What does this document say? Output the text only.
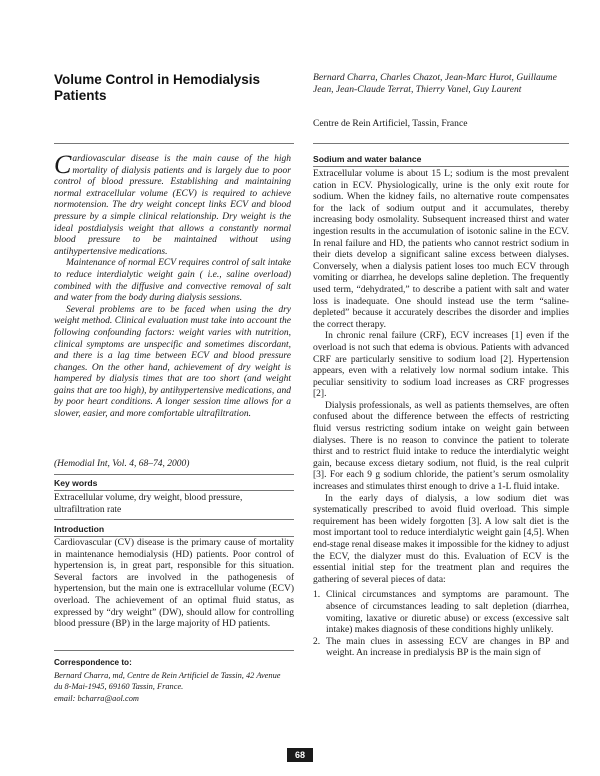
Volume Control in Hemodialysis Patients
Bernard Charra, Charles Chazot, Jean-Marc Hurot, Guillaume Jean, Jean-Claude Terrat, Thierry Vanel, Guy Laurent
Centre de Rein Artificiel, Tassin, France

Cardiovascular disease is the main cause of the high mortality of dialysis patients and is largely due to poor control of blood pressure. Establishing and maintaining normal extracellular volume (ECV) is required to achieve normotension. The dry weight concept links ECV and blood pressure by a simple clinical relationship. Dry weight is the ideal postdialysis weight that allows a constantly normal blood pressure to be maintained without using antihypertensive medications.

Maintenance of normal ECV requires control of salt intake to reduce interdialytic weight gain ( i.e., saline overload) combined with the diffusive and convective removal of salt and water from the body during dialysis sessions.

Several problems are to be faced when using the dry weight method. Clinical evaluation must take into account the following confounding factors: weight varies with nutrition, clinical symptoms are unspecific and sometimes discordant, and there is a lag time between ECV and blood pressure changes. On the other hand, achievement of dry weight is hampered by dialysis times that are too short (and weight gains that are too high), by antihypertensive medications, and by poor heart conditions. A longer session time allows for a slower, easier, and more comfortable ultrafiltration.

(Hemodial Int, Vol. 4, 68–74, 2000)
Key words
Extracellular volume, dry weight, blood pressure, ultrafiltration rate
Introduction
Cardiovascular (CV) disease is the primary cause of mortality in maintenance hemodialysis (HD) patients. Poor control of hypertension is, in great part, responsible for this situation. Several factors are involved in the pathogenesis of hypertension, but the main one is extracellular volume (ECV) overload. The achievement of an optimal fluid status, as expressed by “dry weight” (DW), should allow for controlling blood pressure (BP) in the large majority of HD patients.
Correspondence to:
Bernard Charra, md, Centre de Rein Artificiel de Tassin, 42 Avenue
du 8-Mai-1945, 69160 Tassin, France.
email: bcharra@aol.com
Sodium and water balance

Extracellular volume is about 15 L; sodium is the most prevalent cation in ECV. Physiologically, urine is the only exit route for sodium. When the kidney fails, no alternative route compensates for the lack of sodium output and it accumulates, thereby increasing body osmolality. Subsequent increased thirst and water ingestion results in the accumulation of isotonic saline in the ECV. In renal failure and HD, the patients who cannot restrict sodium in their diets develop a significant saline excess between dialyses. Conversely, when a dialysis patient loses too much ECV through vomiting or diarrhea, he develops saline depletion. The frequently used term, “dehydrated,” to describe a patient with salt and water loss is inadequate. One should instead use the term “saline-depleted” because it accurately describes the disorder and implies the correct therapy.

In chronic renal failure (CRF), ECV increases [1] even if the overload is not such that edema is obvious. Patients with advanced CRF are particularly sensitive to sodium load [2]. Hypertension appears, even with a relatively low normal sodium intake. This peculiar sensitivity to sodium load increases as CRF progresses [2].

Dialysis professionals, as well as patients themselves, are often confused about the difference between the effects of restricting fluid versus restricting sodium intake on weight gain between dialyses. There is no reason to convince the patient to tolerate thirst and to restrict fluid intake to reduce the interdialytic weight gain, because excess dietary sodium, not fluid, is the real culprit [3]. For each 9 g sodium chloride, the patient’s serum osmolality increases and stimulates thirst enough to drive a 1-L fluid intake.

In the early days of dialysis, a low sodium diet was systematically prescribed to avoid fluid overload. This simple requirement has been widely forgotten [3]. A low salt diet is the most important tool to reduce interdialytic weight gain [4,5]. When end-stage renal disease makes it impossible for the kidney to adjust the ECV, the dialyzer must do this. Evaluation of ECV is the essential initial step for the treatment plan and requires the gathering of several pieces of data:

1. Clinical circumstances and symptoms are paramount. The absence of circumstances leading to salt depletion (diarrhea, vomiting, laxative or diuretic abuse) or excess (excessive salt intake) makes diagnosis of these conditions highly unlikely.
2. The main clues in assessing ECV are changes in BP and weight. An increase in predialysis BP is the main sign of
68
